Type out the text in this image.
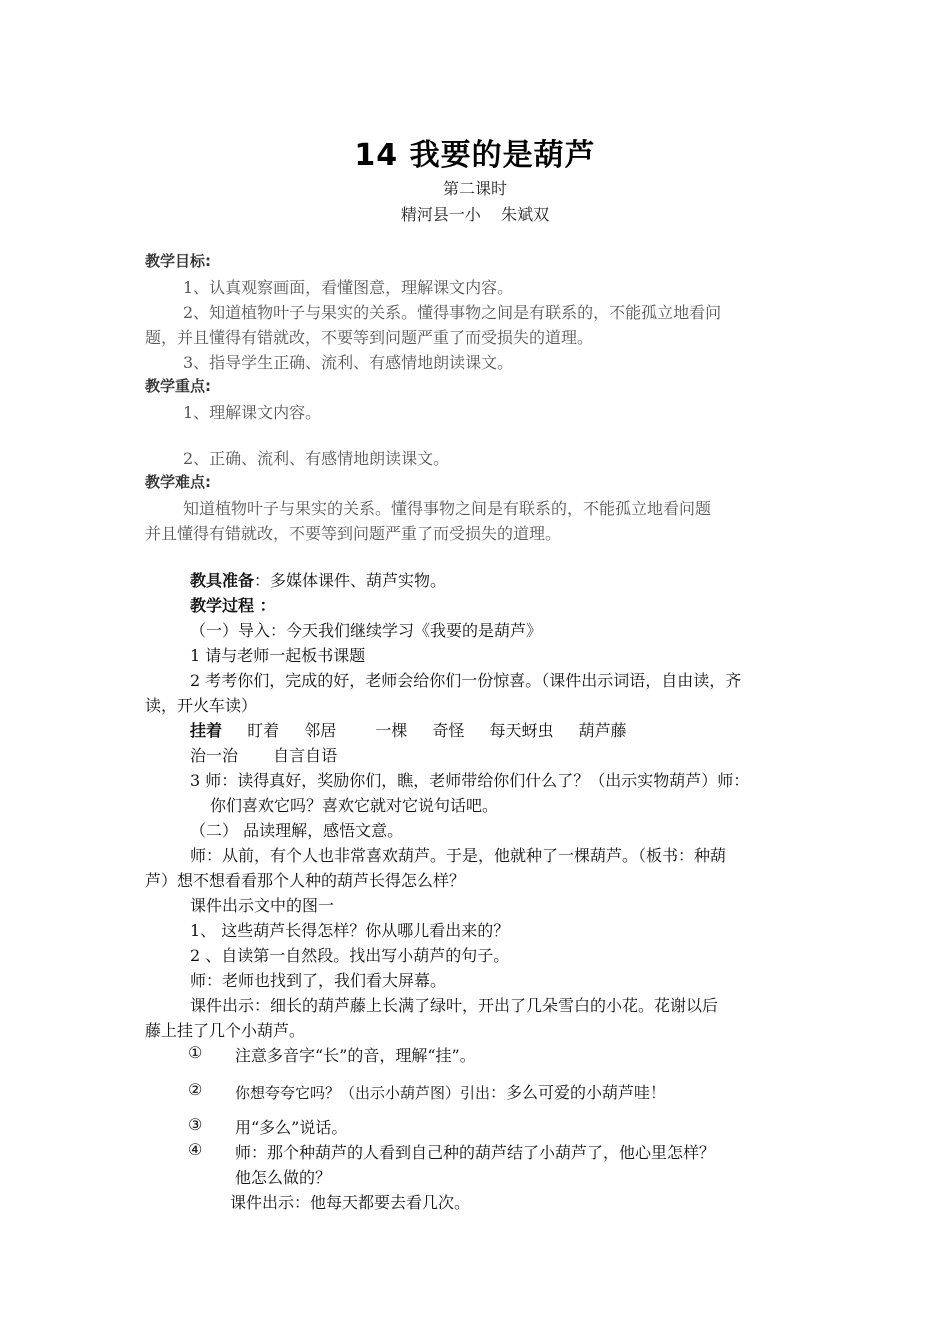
14 我要的是葫芦
第二课时
精河县一小    朱斌双
教学目标:
1、认真观察画面，看懂图意，理解课文内容。
2、知道植物叶子与果实的关系。懂得事物之间是有联系的，不能孤立地看问
题，并且懂得有错就改，不要等到问题严重了而受损失的道理。
3、指导学生正确、流利、有感情地朗读课文。
教学重点:
1、理解课文内容。
2、正确、流利、有感情地朗读课文。
教学难点:
知道植物叶子与果实的关系。懂得事物之间是有联系的，不能孤立地看问题
并且懂得有错就改，不要等到问题严重了而受损失的道理。
教具准备：多媒体课件、葫芦实物。
教学过程 ：
（一）导入：今天我们继续学习《我要的是葫芦》
1 请与老师一起板书课题
2 考考你们，完成的好，老师会给你们一份惊喜。（课件出示词语，自由读，齐
读，开火车读）
挂着 盯着 邻居 一棵 奇怪 每天蚜虫 葫芦藤
治一治 自言自语
3 师：读得真好，奖励你们，瞧，老师带给你们什么了？（出示实物葫芦）师：
你们喜欢它吗？喜欢它就对它说句话吧。
（二） 品读理解，感悟文意。
师：从前，有个人也非常喜欢葫芦。于是，他就种了一棵葫芦。（板书：种葫
芦）想不想看看那个人种的葫芦长得怎么样？
课件出示文中的图一
1、 这些葫芦长得怎样？你从哪儿看出来的？
2 、自读第一自然段。找出写小葫芦的句子。
师：老师也找到了，我们看大屏幕。
课件出示：细长的葫芦藤上长满了绿叶，开出了几朵雪白的小花。花谢以后
藤上挂了几个小葫芦。
① 注意多音字“长”的音，理解“挂”。
② 你想夸夸它吗？（出示小葫芦图）引出：多么可爱的小葫芦哇！
③ 用“多么”说话。
④ 师：那个种葫芦的人看到自己种的葫芦结了小葫芦了，他心里怎样？
他怎么做的？
课件出示：他每天都要去看几次。
